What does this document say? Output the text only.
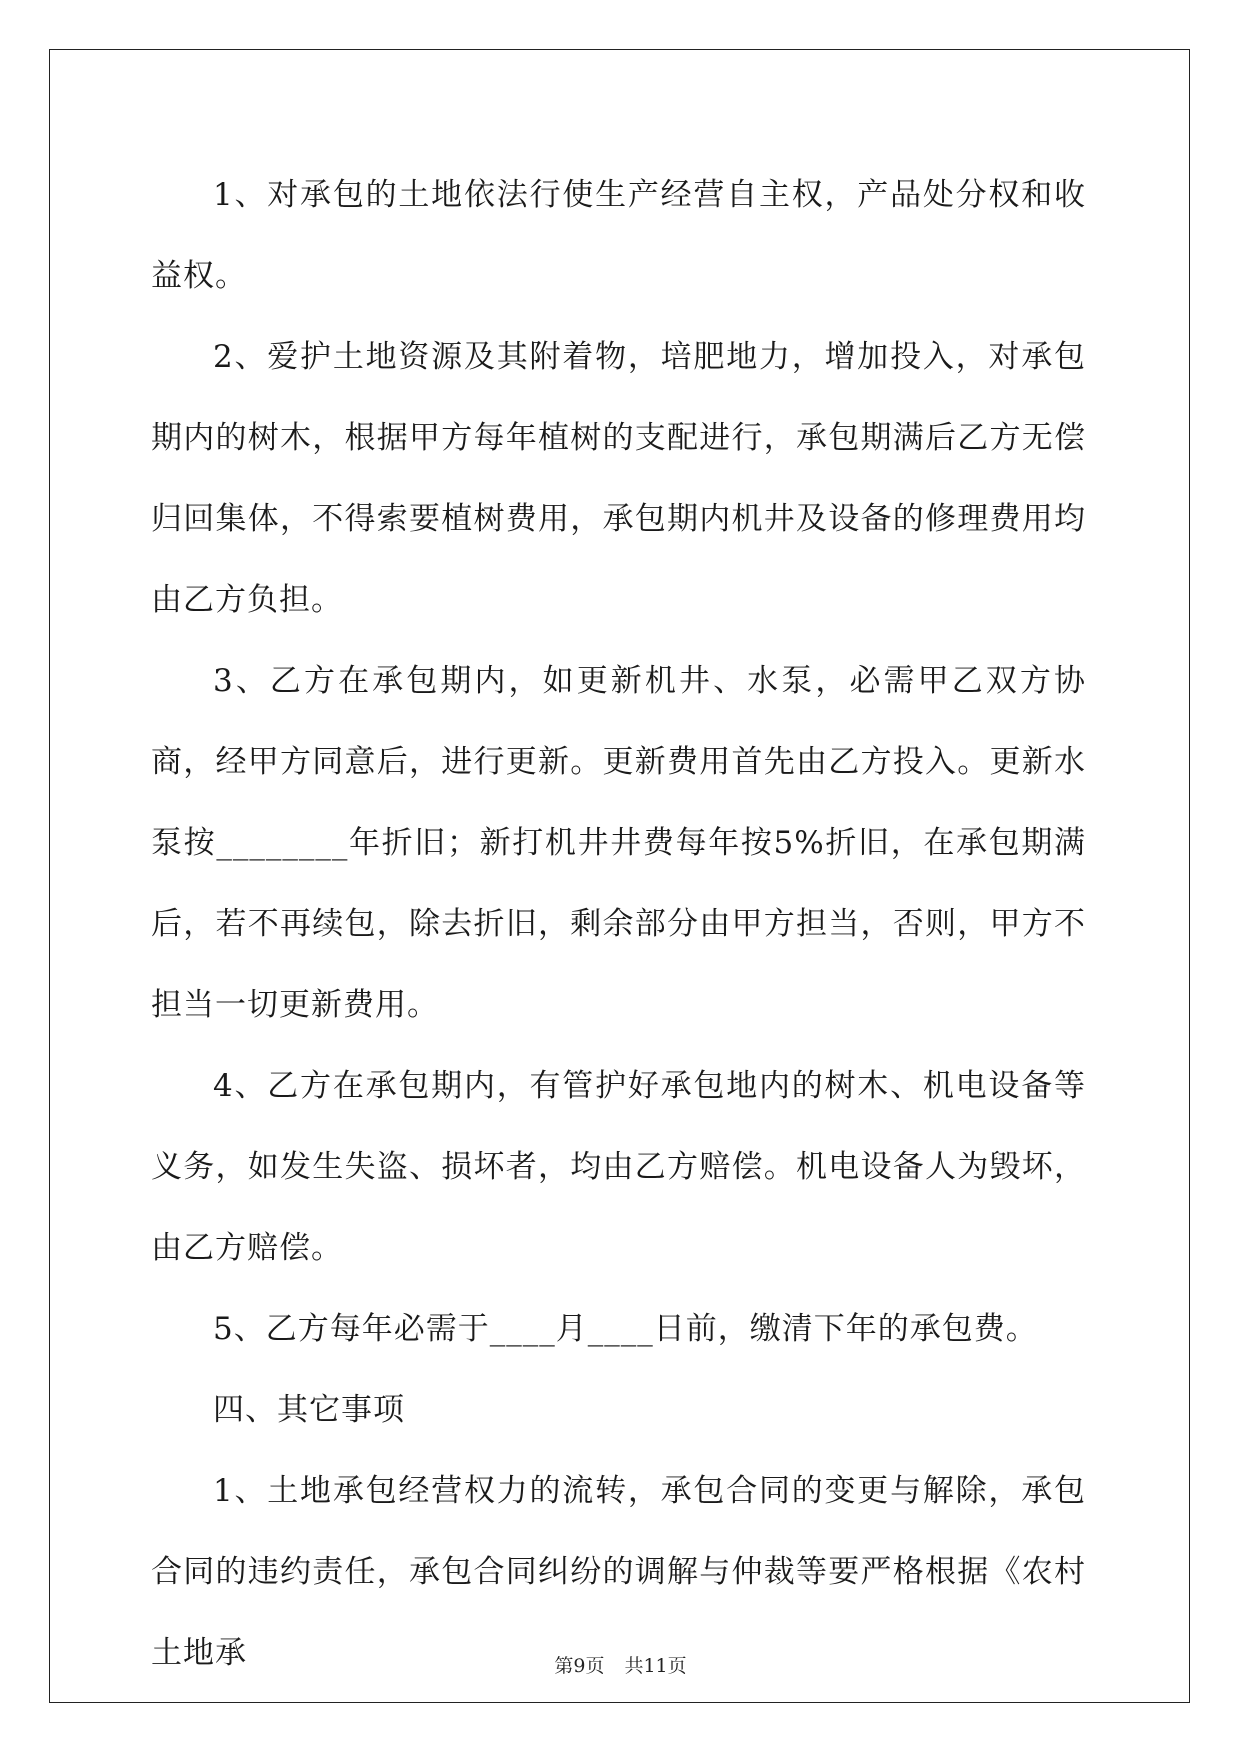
1、对承包的土地依法行使生产经营自主权，产品处分权和收益权。

2、爱护土地资源及其附着物，培肥地力，增加投入，对承包期内的树木，根据甲方每年植树的支配进行，承包期满后乙方无偿归回集体，不得索要植树费用，承包期内机井及设备的修理费用均由乙方负担。

3、乙方在承包期内，如更新机井、水泵，必需甲乙双方协商，经甲方同意后，进行更新。更新费用首先由乙方投入。更新水泵按________年折旧；新打机井井费每年按5%折旧，在承包期满后，若不再续包，除去折旧，剩余部分由甲方担当，否则，甲方不担当一切更新费用。

4、乙方在承包期内，有管护好承包地内的树木、机电设备等义务，如发生失盗、损坏者，均由乙方赔偿。机电设备人为毁坏，由乙方赔偿。

5、乙方每年必需于____月____日前，缴清下年的承包费。

四、其它事项

1、土地承包经营权力的流转，承包合同的变更与解除，承包合同的违约责任，承包合同纠纷的调解与仲裁等要严格根据《农村土地承	第9页 共11页
